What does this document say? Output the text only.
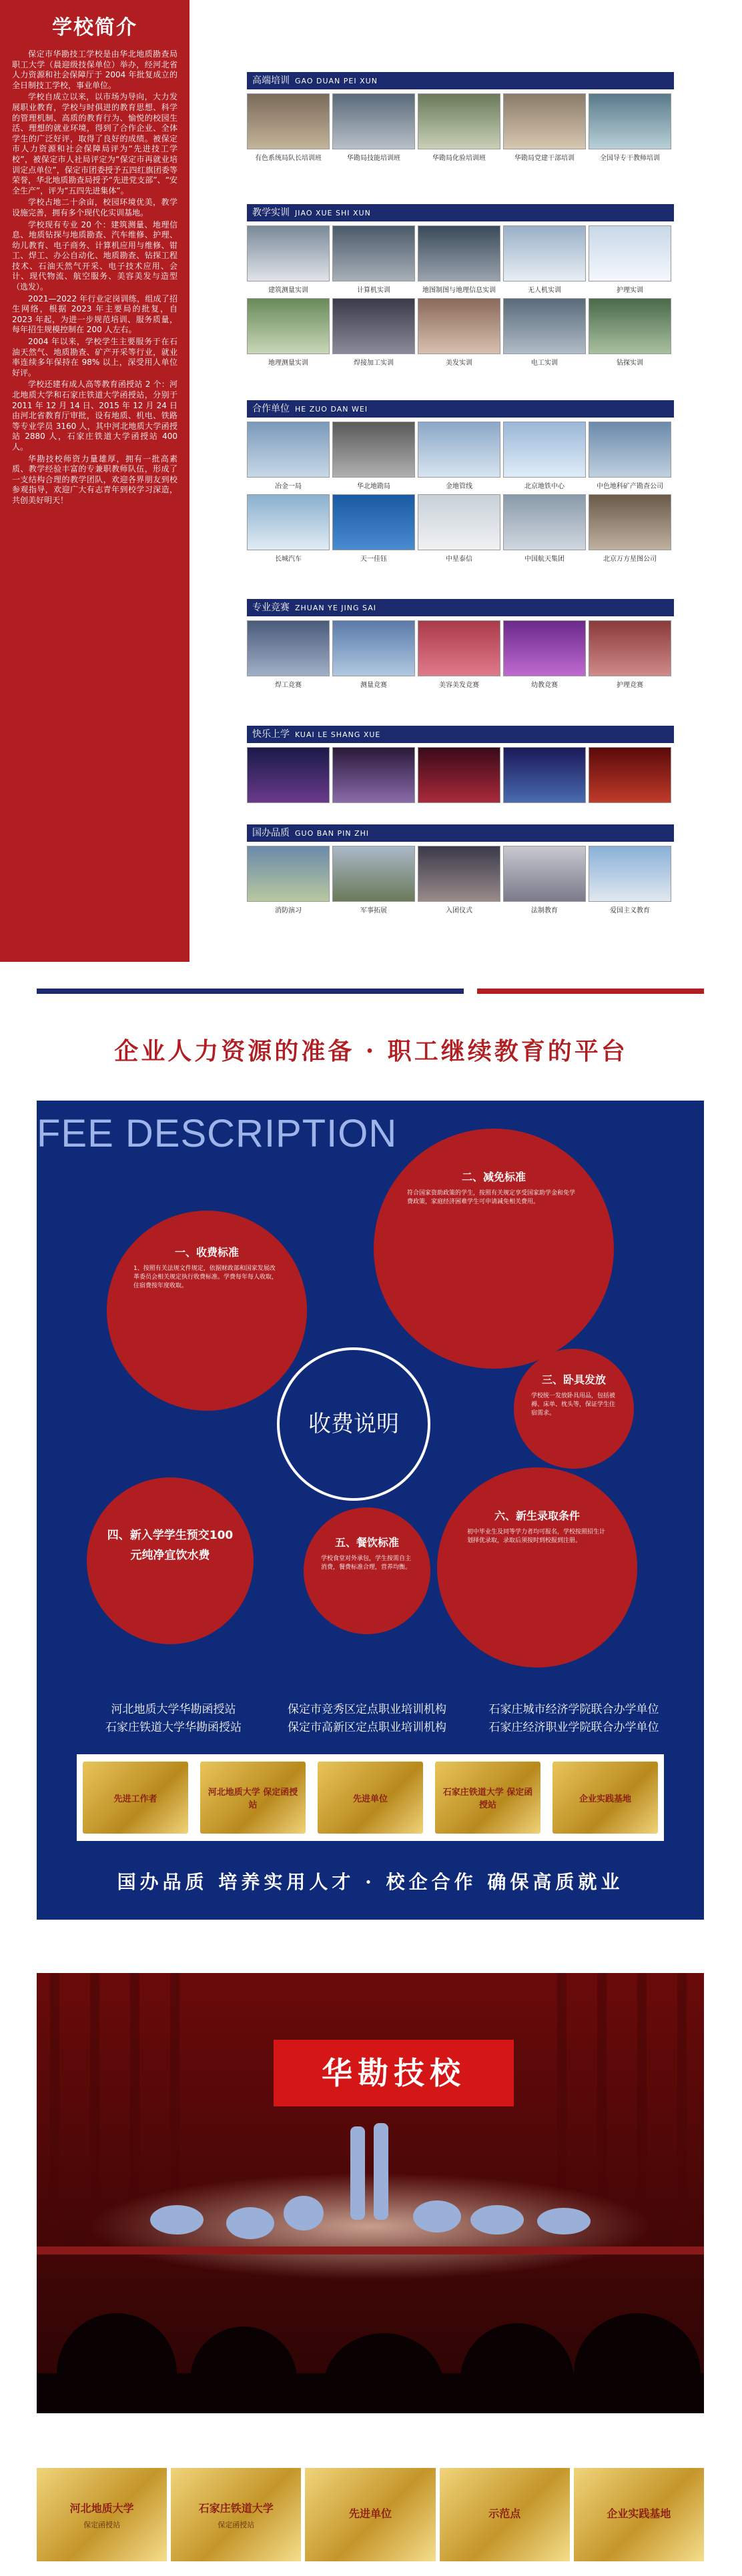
学校简介

保定市华勘技工学校是由华北地质勘查局职工大学（晨迎级技保单位）举办，经河北省人力资源和社会保障厅于 2004 年批复成立的全日制技工学校，事业单位。

学校自成立以来，以市场为导向，大力发展职业教育，学校与时俱进的教育思想、科学的管理机制、高质的教育行为、愉悦的校园生活、理想的就业环境，得到了合作企业、全体学生的广泛好评，取得了良好的成绩。被保定市人力资源和社会保障局评为“先进技工学校”，被保定市人社局评定为“保定市再就业培训定点单位”，保定市团委授予五四红旗团委等荣誉，华北地质勘查局授予“先进党支部”、“安全生产”，评为“五四先进集体”。

学校占地二十余亩，校园环境优美，教学设施完善，拥有多个现代化实训基地。

学校现有专业 20 个：建筑测量、地理信息、地质钻探与地质勘查、汽车维修、护理、幼儿教育、电子商务、计算机应用与维修、钳工、焊工、办公自动化、地质勘查、钻探工程技术、石油天然气开采、电子技术应用、会计、现代物流、航空服务、美容美发与造型（选发）。

2021—2022 年行业定岗训练，组成了招生网络，根据 2023 年主要局的批复，自 2023 年起，为进一步规范培训、服务质量，每年招生规模控制在 200 人左右。

2004 年以来，学校学生主要服务于在石油天然气、地质勘查、矿产开采等行业，就业率连续多年保持在 98% 以上，深受用人单位好评。

学校还建有成人高等教育函授站 2 个：河北地质大学和石家庄铁道大学函授站，分别于 2011 年 12 月 14 日、2015 年 12 月 24 日由河北省教育厅审批，设有地质、机电、铁路等专业学员 3160 人，其中河北地质大学函授站 2880 人，石家庄铁道大学函授站 400 人。

华勘技校师资力量雄厚，拥有一批高素质、教学经验丰富的专兼职教师队伍，形成了一支结构合理的教学团队，欢迎各界朋友到校参观指导，欢迎广大有志青年到校学习深造，共创美好明天！

高端培训 GAO DUAN PEI XUN
有色系统局队长培训班	华勘局技能培训班	华勘局化验培训班	华勘局党建干部培训	全国导专干教师培训
教学实训 JIAO XUE SHI XUN
建筑测量实训	计算机实训	地图制图与地理信息实训	无人机实训	护理实训
地理测量实训	焊接加工实训	美发实训	电工实训	钻探实训
合作单位 HE ZUO DAN WEI
冶金一局	华北地勘局	金地管线	北京地铁中心	中色地科矿产勘查公司
长城汽车	天一佳钰	中星泰信	中国航天集团	北京万方星图公司
专业竞赛 ZHUAN YE JING SAI
焊工竞赛	测量竞赛	美容美发竞赛	幼教竞赛	护理竞赛
快乐上学 KUAI LE SHANG XUE
国办品质 GUO BAN PIN ZHI
消防演习	军事拓展	入团仪式	法制教育	爱国主义教育
企业人力资源的准备 · 职工继续教育的平台
FEE DESCRIPTION
一、收费标准
1、按照有关法规文件规定，依据财政部和国家发展改革委员会相关规定执行收费标准。学费每年每人收取，住宿费按年度收取。
二、减免标准
符合国家资助政策的学生，按照有关规定享受国家助学金和免学费政策，家庭经济困难学生可申请减免相关费用。
三、卧具发放
学校统一发放卧具用品，包括被褥、床单、枕头等，保证学生住宿需求。
四、新入学学生预交100元纯净宜饮水费
五、餐饮标准
学校食堂对外承包，学生按需自主消费，餐费标准合理，营养均衡。
六、新生录取条件
初中毕业生及同等学力者均可报名，学校按照招生计划择优录取，录取后须按时到校报到注册。
收费说明
河北地质大学华勘函授站
石家庄铁道大学华勘函授站
保定市竞秀区定点职业培训机构
保定市高新区定点职业培训机构
石家庄城市经济学院联合办学单位
石家庄经济职业学院联合办学单位
先进工作者
河北地质大学 保定函授站
先进单位
石家庄铁道大学 保定函授站
企业实践基地
国办品质 培养实用人才 · 校企合作 确保高质就业
华勘技校
河北地质大学
保定函授站
石家庄铁道大学
保定函授站
先进单位	示范点	企业实践基地
